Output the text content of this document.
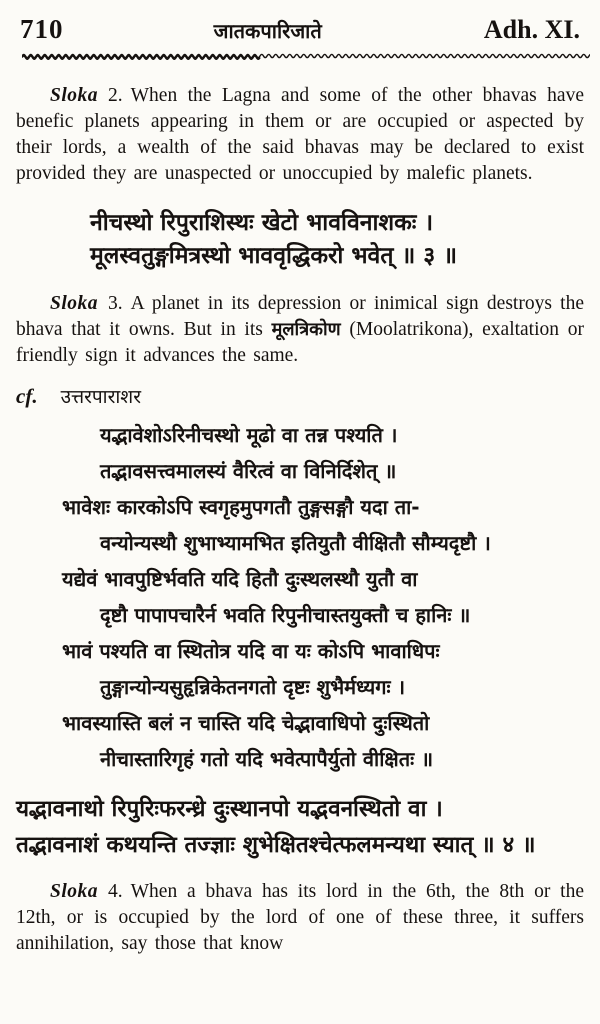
710	जातकपारिजाते	Adh. XI.

Sloka 2. When the Lagna and some of the other bhavas have benefic planets appearing in them or are occupied or aspected by their lords, a wealth of the said bhavas may be declared to exist provided they are unaspected or unoccupied by malefic planets.

नीचस्थो रिपुराशिस्थः खेटो भावविनाशकः ।
मूलस्वतुङ्गमित्रस्थो भाववृद्धिकरो भवेत् ॥ ३ ॥

Sloka 3. A planet in its depression or inimical sign destroys the bhava that it owns. But in its मूलत्रिकोण (Moolatrikona), exaltation or friendly sign it advances the same.

cf. उत्तरपाराशर
यद्भावेशोऽरिनीचस्थो मूढो वा तन्न पश्यति ।
तद्भावसत्त्वमालस्यं वैरित्वं वा विनिर्दिशेत् ॥
भावेशः कारकोऽपि स्वगृहमुपगतौ तुङ्गसङ्गौ यदा ता-
वन्योन्यस्थौ शुभाभ्यामभित इतियुतौ वीक्षितौ सौम्यदृष्टौ ।
यद्येवं भावपुष्टिर्भवति यदि हितौ दुःस्थलस्थौ युतौ वा
दृष्टौ पापापचारैर्न भवति रिपुनीचास्तयुक्तौ च हानिः ॥
भावं पश्यति वा स्थितोत्र यदि वा यः कोऽपि भावाधिपः
तुङ्गान्योन्यसुहृन्निकेतनगतो दृष्टः शुभैर्मध्यगः ।
भावस्यास्ति बलं न चास्ति यदि चेद्भावाधिपो दुःस्थितो
नीचास्तारिगृहं गतो यदि भवेत्पापैर्युतो वीक्षितः ॥
यद्भावनाथो रिपुरिःफरन्ध्रे दुःस्थानपो यद्भवनस्थितो वा ।
तद्भावनाशं कथयन्ति तज्ज्ञाः शुभेक्षितश्चेत्फलमन्यथा स्यात् ॥ ४ ॥

Sloka 4. When a bhava has its lord in the 6th, the 8th or the 12th, or is occupied by the lord of one of these three, it suffers annihilation, say those that know
